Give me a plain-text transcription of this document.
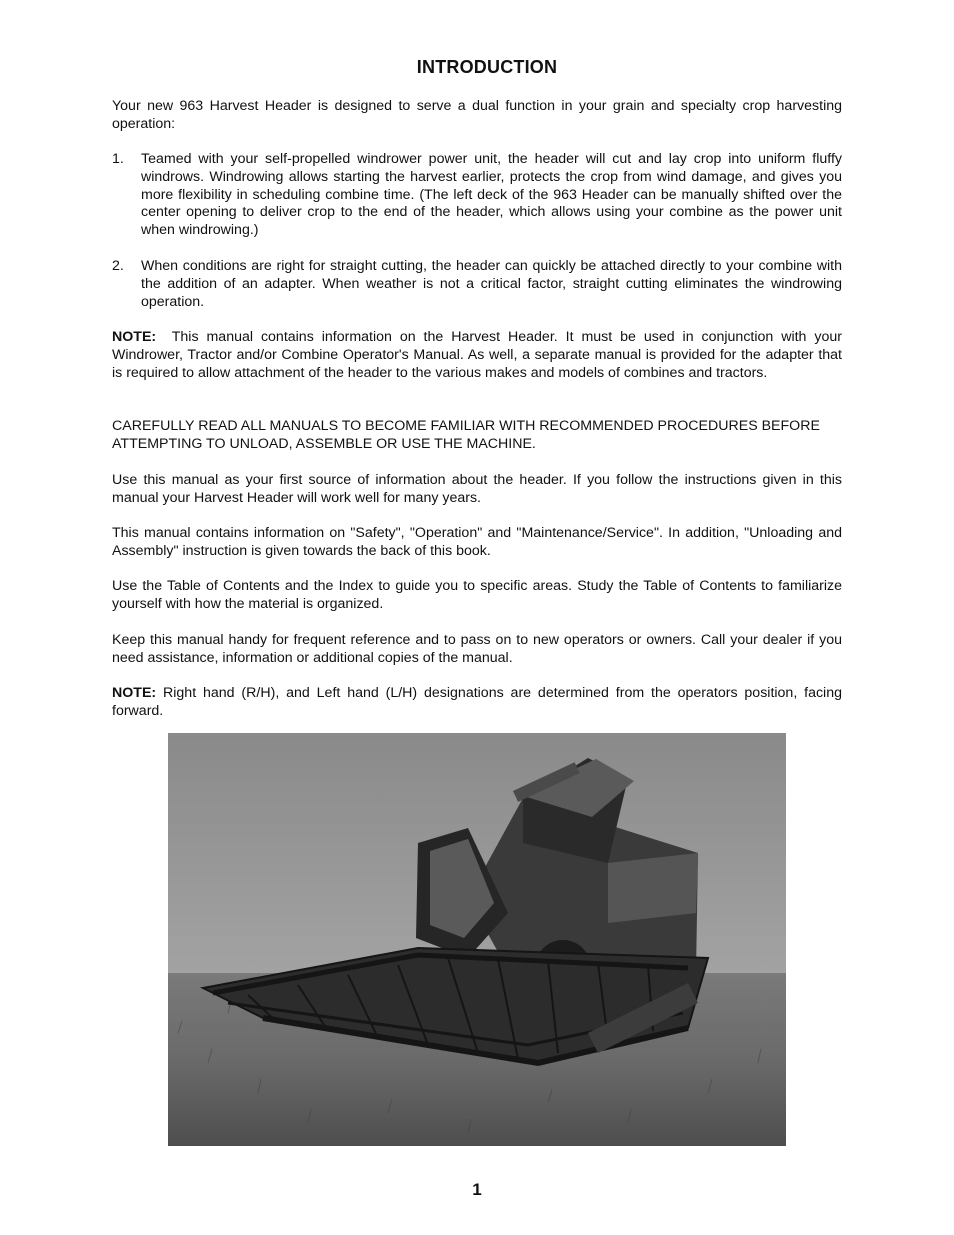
INTRODUCTION

Your new 963 Harvest Header is designed to serve a dual function in your grain and specialty crop harvesting operation:

1. Teamed with your self-propelled windrower power unit, the header will cut and lay crop into uniform fluffy windrows. Windrowing allows starting the harvest earlier, protects the crop from wind damage, and gives you more flexibility in scheduling combine time. (The left deck of the 963 Header can be manually shifted over the center opening to deliver crop to the end of the header, which allows using your combine as the power unit when windrowing.)

2. When conditions are right for straight cutting, the header can quickly be attached directly to your combine with the addition of an adapter. When weather is not a critical factor, straight cutting eliminates the windrowing operation.

NOTE: This manual contains information on the Harvest Header. It must be used in conjunction with your Windrower, Tractor and/or Combine Operator's Manual. As well, a separate manual is provided for the adapter that is required to allow attachment of the header to the various makes and models of combines and tractors.

CAREFULLY READ ALL MANUALS TO BECOME FAMILIAR WITH RECOMMENDED PROCEDURES BEFORE ATTEMPTING TO UNLOAD, ASSEMBLE OR USE THE MACHINE.

Use this manual as your first source of information about the header. If you follow the instructions given in this manual your Harvest Header will work well for many years.

This manual contains information on "Safety", "Operation" and "Maintenance/Service". In addition, "Unloading and Assembly" instruction is given towards the back of this book.

Use the Table of Contents and the Index to guide you to specific areas. Study the Table of Contents to familiarize yourself with how the material is organized.

Keep this manual handy for frequent reference and to pass on to new operators or owners. Call your dealer if you need assistance, information or additional copies of the manual.

NOTE: Right hand (R/H), and Left hand (L/H) designations are determined from the operators position, facing forward.

1
